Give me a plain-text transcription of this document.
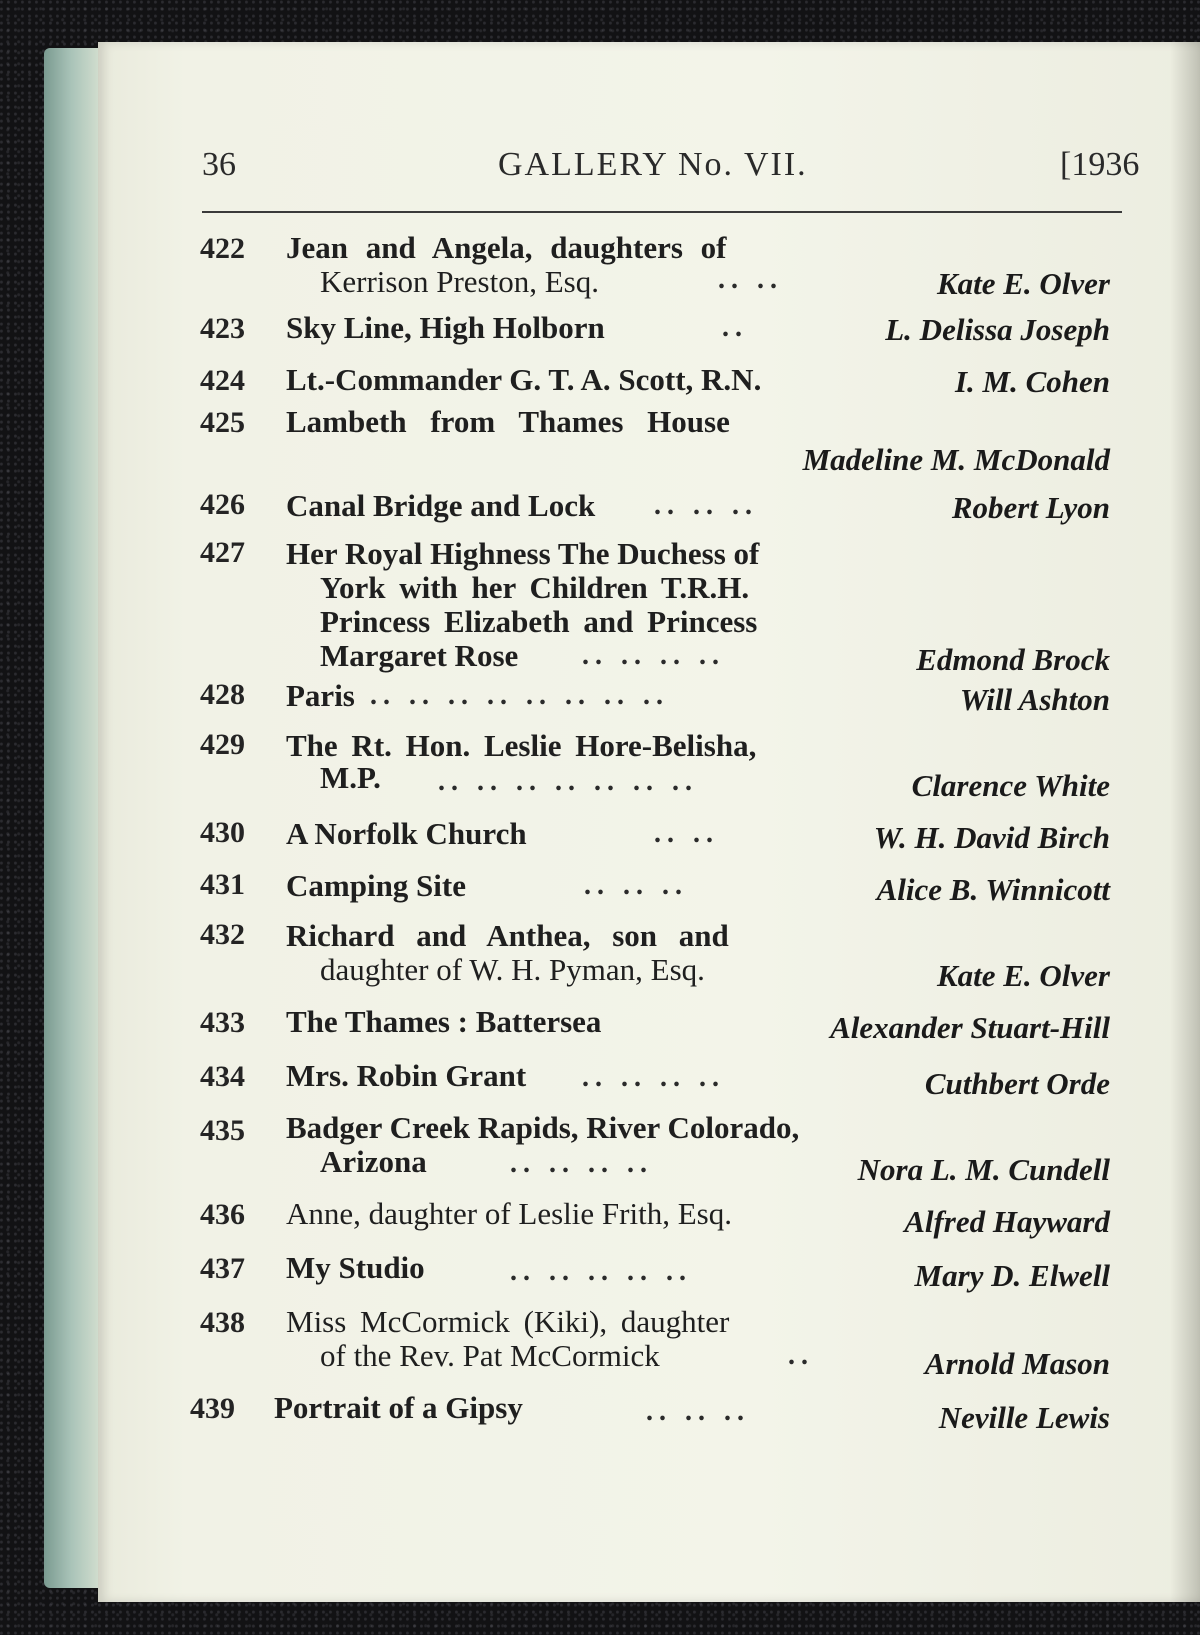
36	GALLERY No. VII.	[1936
422 Jean and Angela, daughters of
Kerrison Preston, Esq.	.. ..	Kate E. Olver
423 Sky Line, High Holborn	..	L. Delissa Joseph
424 Lt.-Commander G. T. A. Scott, R.N.	I. M. Cohen
425 Lambeth from Thames House
Madeline M. McDonald
426 Canal Bridge and Lock .. .. ..	Robert Lyon
427 Her Royal Highness The Duchess of
York with her Children T.R.H.
Princess Elizabeth and Princess
Margaret Rose .. .. .. ..	Edmond Brock
428 Paris .. .. .. .. .. .. .. ..	Will Ashton
429 The Rt. Hon. Leslie Hore-Belisha,
M.P. .. .. .. .. .. .. ..	Clarence White
430 A Norfolk Church	.. ..	W. H. David Birch
431 Camping Site	.. .. ..	Alice B. Winnicott
432 Richard and Anthea, son and
daughter of W. H. Pyman, Esq.	Kate E. Olver
433 The Thames : Battersea	Alexander Stuart-Hill
434 Mrs. Robin Grant .. .. .. ..	Cuthbert Orde
435 Badger Creek Rapids, River Colorado,
Arizona	.. .. .. ..	Nora L. M. Cundell
436 Anne, daughter of Leslie Frith, Esq.	Alfred Hayward
437 My Studio	.. .. .. .. ..	Mary D. Elwell
438 Miss McCormick (Kiki), daughter
of the Rev. Pat McCormick	..	Arnold Mason
439 Portrait of a Gipsy	.. .. ..	Neville Lewis
